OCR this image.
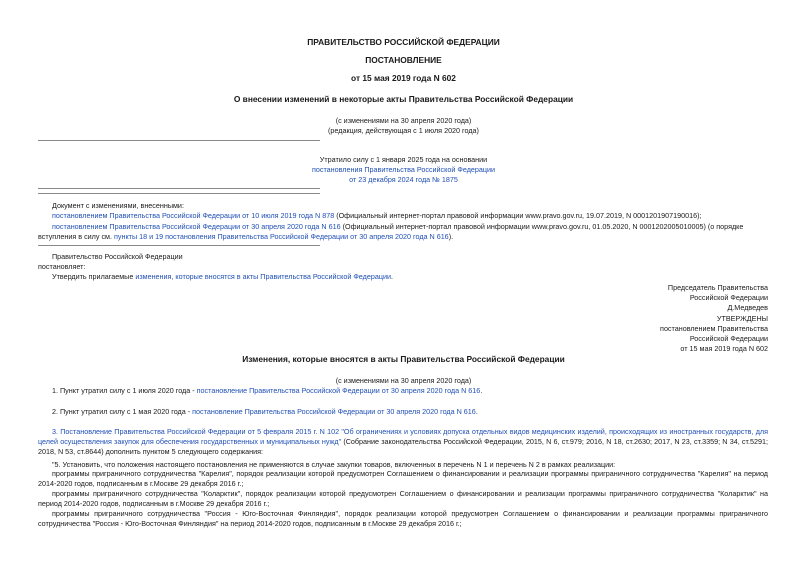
ПРАВИТЕЛЬСТВО РОССИЙСКОЙ ФЕДЕРАЦИИ
ПОСТАНОВЛЕНИЕ
от 15 мая 2019 года N 602
О внесении изменений в некоторые акты Правительства Российской Федерации
(с изменениями на 30 апреля 2020 года)
(редакция, действующая с 1 июля 2020 года)
Утратило силу с 1 января 2025 года на основании
постановления Правительства Российской Федерации
от 23 декабря 2024 года № 1875
Документ с изменениями, внесенными:
постановлением Правительства Российской Федерации от 10 июля 2019 года N 878 (Официальный интернет-портал правовой информации www.pravo.gov.ru, 19.07.2019, N 0001201907190016);
постановлением Правительства Российской Федерации от 30 апреля 2020 года N 616 (Официальный интернет-портал правовой информации www.pravo.gov.ru, 01.05.2020, N 0001202005010005) (о порядке
вступления в силу см. пункты 18 и 19 постановления Правительства Российской Федерации от 30 апреля 2020 года N 616).
Правительство Российской Федерации
постановляет:
Утвердить прилагаемые изменения, которые вносятся в акты Правительства Российской Федерации.
Председатель Правительства
Российской Федерации
Д.Медведев
УТВЕРЖДЕНЫ
постановлением Правительства
Российской Федерации
от 15 мая 2019 года N 602
Изменения, которые вносятся в акты Правительства Российской Федерации
(с изменениями на 30 апреля 2020 года)
1. Пункт утратил силу с 1 июля 2020 года - постановление Правительства Российской Федерации от 30 апреля 2020 года N 616.
2. Пункт утратил силу с 1 мая 2020 года - постановление Правительства Российской Федерации от 30 апреля 2020 года N 616.
3. Постановление Правительства Российской Федерации от 5 февраля 2015 г. N 102 "Об ограничениях и условиях допуска отдельных видов медицинских изделий, происходящих из иностранных государств, для целей осуществления закупок для обеспечения государственных и муниципальных нужд" (Собрание законодательства Российской Федерации, 2015, N 6, ст.979; 2016, N 18, ст.2630; 2017, N 23, ст.3359; N 34, ст.5291; 2018, N 53, ст.8644) дополнить пунктом 5 следующего содержания:
"5. Установить, что положения настоящего постановления не применяются в случае закупки товаров, включенных в перечень N 1 и перечень N 2 в рамках реализации:
программы приграничного сотрудничества "Карелия", порядок реализации которой предусмотрен Соглашением о финансировании и реализации программы приграничного сотрудничества "Карелия" на период 2014-2020 годов, подписанным в г.Москве 29 декабря 2016 г.;
программы приграничного сотрудничества "Коларктик", порядок реализации которой предусмотрен Соглашением о финансировании и реализации программы приграничного сотрудничества "Коларктик" на период 2014-2020 годов, подписанным в г.Москве 29 декабря 2016 г.;
программы приграничного сотрудничества "Россия - Юго-Восточная Финляндия", порядок реализации которой предусмотрен Соглашением о финансировании и реализации программы приграничного сотрудничества "Россия - Юго-Восточная Финляндия" на период 2014-2020 годов, подписанным в г.Москве 29 декабря 2016 г.;
